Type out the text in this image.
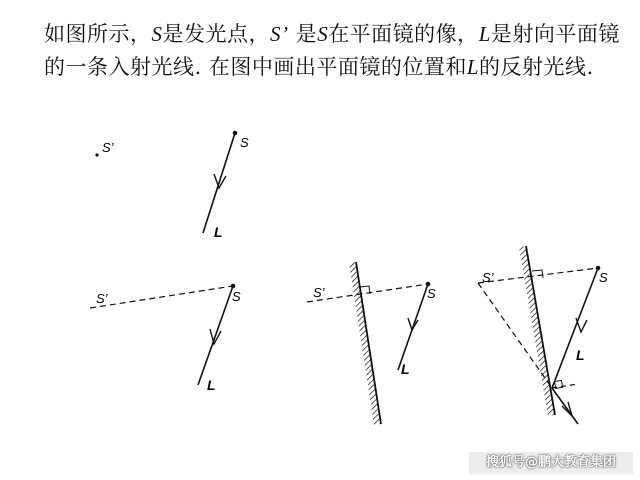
如图所示，S是发光点，S’ 是S在平面镜的像，L是射向平面镜的一条入射光线. 在图中画出平面镜的位置和L的反射光线.

S’	S
L
S’	S
L
S’	S
L
S’	S
L
搜狐号@鹏大教育集团
